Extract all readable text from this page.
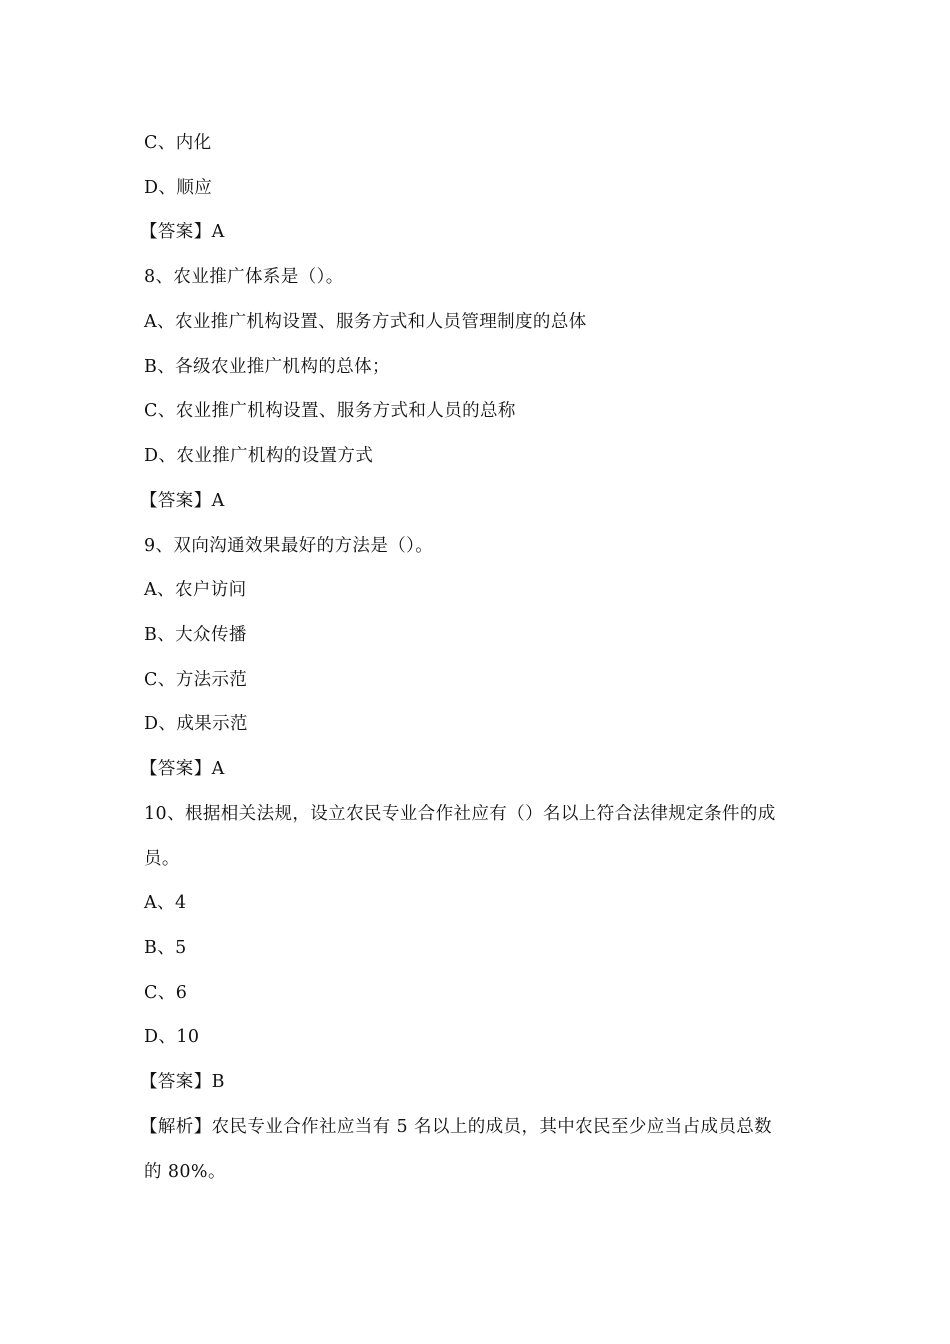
C、内化
D、顺应
【答案】A
8、农业推广体系是（）。
A、农业推广机构设置、服务方式和人员管理制度的总体
B、各级农业推广机构的总体；
C、农业推广机构设置、服务方式和人员的总称
D、农业推广机构的设置方式
【答案】A
9、双向沟通效果最好的方法是（）。
A、农户访问
B、大众传播
C、方法示范
D、成果示范
【答案】A
10、根据相关法规，设立农民专业合作社应有（）名以上符合法律规定条件的成
员。
A、4
B、5
C、6
D、10
【答案】B
【解析】农民专业合作社应当有 5 名以上的成员，其中农民至少应当占成员总数
的 80%。
